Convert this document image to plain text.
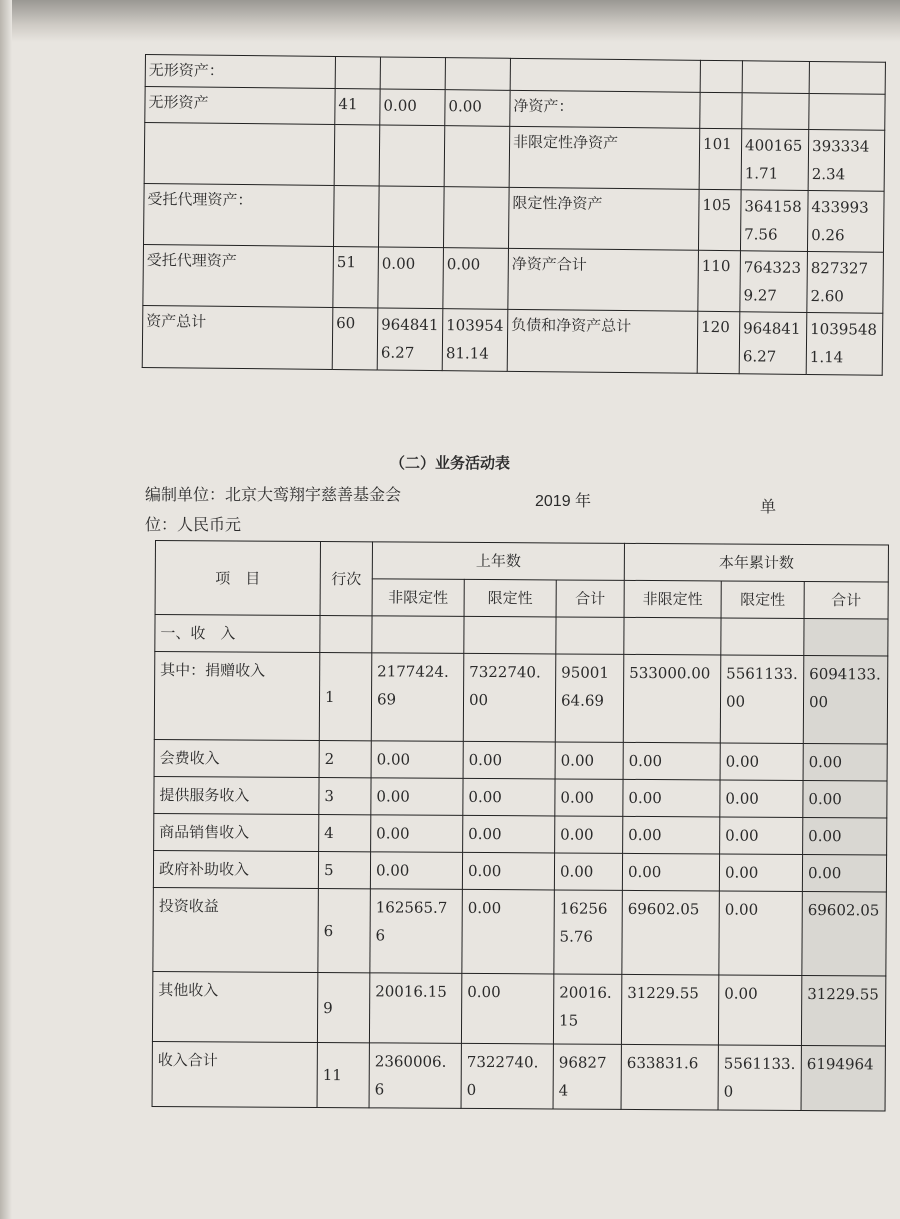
无形资产：							
无形资产	41	0.00	0.00	净资产：			
				非限定性净资产	101	4001651.71	3933342.34
受托代理资产：				限定性净资产	105	3641587.56	4339930.26
受托代理资产	51	0.00	0.00	净资产合计	110	7643239.27	8273272.60
资产总计	60	9648416.27	10395481.14	负债和净资产总计	120	9648416.27	10395481.14
（二）业务活动表
编制单位：北京大鸾翔宇慈善基金会	2019 年	单
位：人民币元
项　目	行次	上年数			本年累计数		
		非限定性	限定性	合计	非限定性	限定性	合计
一、收　入							
其中：捐赠收入	1	2177424.69	7322740.00	9500164.69	533000.00	5561133.00	6094133.00
会费收入	2	0.00	0.00	0.00	0.00	0.00	0.00
提供服务收入	3	0.00	0.00	0.00	0.00	0.00	0.00
商品销售收入	4	0.00	0.00	0.00	0.00	0.00	0.00
政府补助收入	5	0.00	0.00	0.00	0.00	0.00	0.00
投资收益	6	162565.76	0.00	162565.76	69602.05	0.00	69602.05
其他收入	9	20016.15	0.00	20016.15	31229.55	0.00	31229.55
收入合计	11	2360006.6	7322740.0	968274	633831.6	5561133.0	6194964
